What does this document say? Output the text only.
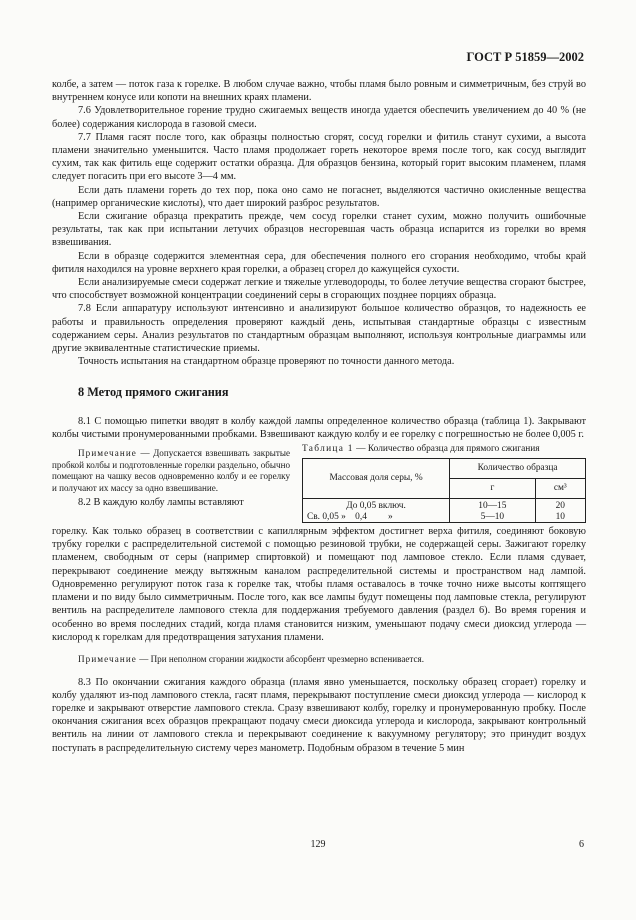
ГОСТ Р 51859—2002

колбе, а затем — поток газа к горелке. В любом случае важно, чтобы пламя было ровным и симметричным, без струй во внутреннем конусе или копоти на внешних краях пламени.

7.6 Удовлетворительное горение трудно сжигаемых веществ иногда удается обеспечить увеличением до 40 % (не более) содержания кислорода в газовой смеси.

7.7 Пламя гасят после того, как образцы полностью сгорят, сосуд горелки и фитиль станут сухими, а высота пламени значительно уменьшится. Часто пламя продолжает гореть некоторое время после того, как сосуд выглядит сухим, так как фитиль еще содержит остатки образца. Для образцов бензина, который горит высоким пламенем, пламя следует погасить при его высоте 3—4 мм.

Если дать пламени гореть до тех пор, пока оно само не погаснет, выделяются частично окисленные вещества (например органические кислоты), что дает широкий разброс результатов.

Если сжигание образца прекратить прежде, чем сосуд горелки станет сухим, можно получить ошибочные результаты, так как при испытании летучих образцов несгоревшая часть образца испарится из горелки во время взвешивания.

Если в образце содержится элементная сера, для обеспечения полного его сгорания необходимо, чтобы край фитиля находился на уровне верхнего края горелки, а образец сгорел до кажущейся сухости.

Если анализируемые смеси содержат легкие и тяжелые углеводороды, то более летучие вещества сгорают быстрее, что способствует возможной концентрации соединений серы в сгорающих позднее порциях образца.

7.8 Если аппаратуру используют интенсивно и анализируют большое количество образцов, то надежность ее работы и правильность определения проверяют каждый день, испытывая стандартные образцы с известным содержанием серы. Анализ результатов по стандартным образцам выполняют, используя контрольные диаграммы или другие эквивалентные статистические приемы.

Точность испытания на стандартном образце проверяют по точности данного метода.

8 Метод прямого сжигания

8.1 С помощью пипетки вводят в колбу каждой лампы определенное количество образца (таблица 1). Закрывают колбы чистыми пронумерованными пробками. Взвешивают каждую колбу и ее горелку с погрешностью не более 0,005 г.

Таблица 1 — Количество образца для прямого сжигания
Массовая доля серы, %	Количество образца	
	г	см³
До 0,05 включ.	10—15	20
Св. 0,05 »    0,4         »	5—10	10
Примечание — Допускается взвешивать закрытые пробкой колбы и подготовленные горелки раздельно, обычно помещают на чашку весов одновременно колбу и ее горелку и получают их массу за одно взвешивание.

8.2 В каждую колбу лампы вставляют

горелку. Как только образец в соответствии с капиллярным эффектом достигнет верха фитиля, соединяют боковую трубку горелки с распределительной системой с помощью резиновой трубки, не содержащей серы. Зажигают горелку пламенем, свободным от серы (например спиртовкой) и помещают под ламповое стекло. Если пламя сдувает, перекрывают соединение между вытяжным каналом распределительной системы и пространством над лампой. Одновременно регулируют поток газа к горелке так, чтобы пламя оставалось в точке точно ниже высоты коптящего пламени и по виду было симметричным. После того, как все лампы будут помещены под ламповые стекла, регулируют вентиль на распределителе лампового стекла для поддержания требуемого давления (раздел 6). Во время горения и особенно во время последних стадий, когда пламя становится низким, уменьшают подачу смеси диоксид углерода — кислород к горелкам для предотвращения затухания пламени.

Примечание — При неполном сгорании жидкости абсорбент чрезмерно вспенивается.

8.3 По окончании сжигания каждого образца (пламя явно уменьшается, поскольку образец сгорает) горелку и колбу удаляют из-под лампового стекла, гасят пламя, перекрывают поступление смеси диоксид углерода — кислород к горелке и закрывают отверстие лампового стекла. Сразу взвешивают колбу, горелку и пронумерованную пробку. После окончания сжигания всех образцов прекращают подачу смеси диоксида углерода и кислорода, закрывают контрольный вентиль на линии от лампового стекла и перекрывают соединение к вакуумному регулятору; это принудит воздух поступать в распределительную систему через манометр. Подобным образом в течение 5 мин

129	6
